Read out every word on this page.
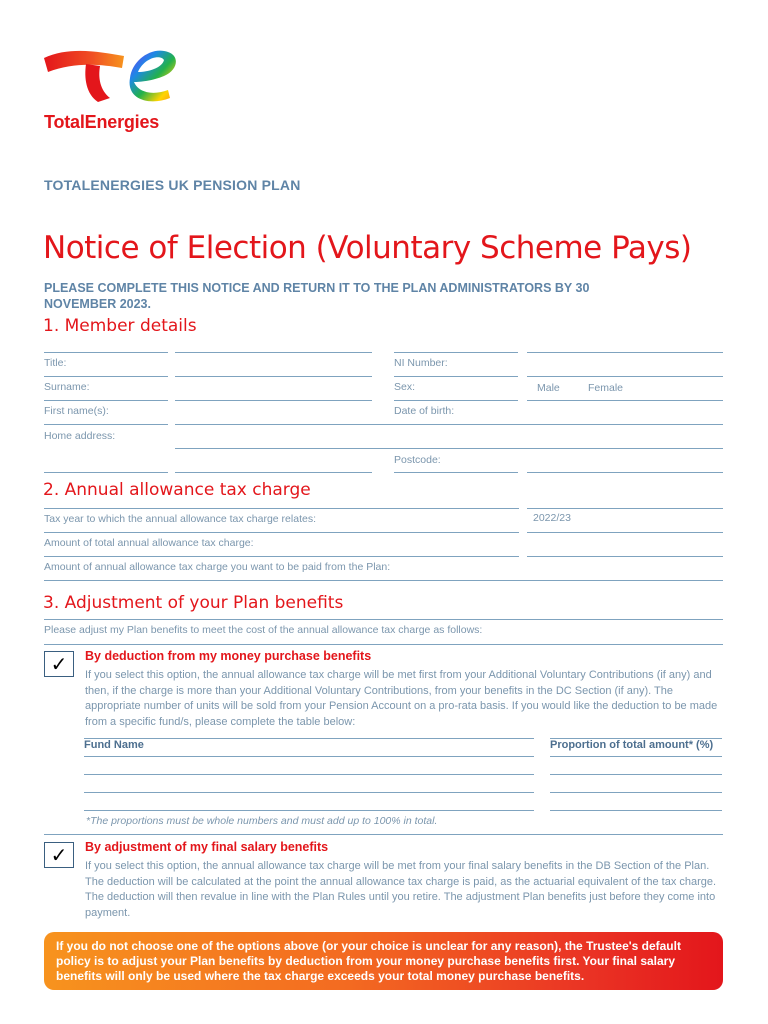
TotalEnergies
TOTALENERGIES UK PENSION PLAN
Notice of Election (Voluntary Scheme Pays)
PLEASE COMPLETE THIS NOTICE AND RETURN IT TO THE PLAN ADMINISTRATORS BY 30 NOVEMBER 2023.
1. Member details
Title:	NI Number:
Surname:	Sex:	Male	Female
First name(s):	Date of birth:
Home address:
Postcode:
2. Annual allowance tax charge
Tax year to which the annual allowance tax charge relates:	2022/23
Amount of total annual allowance tax charge:
Amount of annual allowance tax charge you want to be paid from the Plan:
3. Adjustment of your Plan benefits
Please adjust my Plan benefits to meet the cost of the annual allowance tax charge as follows:
✓	By deduction from my money purchase benefits
If you select this option, the annual allowance tax charge will be met first from your Additional Voluntary Contributions (if any) and then, if the charge is more than your Additional Voluntary Contributions, from your benefits in the DC Section (if any). The appropriate number of units will be sold from your Pension Account on a pro-rata basis. If you would like the deduction to be made from a specific fund/s, please complete the table below:
Fund Name	Proportion of total amount* (%)
*The proportions must be whole numbers and must add up to 100% in total.
✓	By adjustment of my final salary benefits
If you select this option, the annual allowance tax charge will be met from your final salary benefits in the DB Section of the Plan. The deduction will be calculated at the point the annual allowance tax charge is paid, as the actuarial equivalent of the tax charge. The deduction will then revalue in line with the Plan Rules until you retire. The adjustment Plan benefits just before they come into payment.
If you do not choose one of the options above (or your choice is unclear for any reason), the Trustee's default policy is to adjust your Plan benefits by deduction from your money purchase benefits first. Your final salary benefits will only be used where the tax charge exceeds your total money purchase benefits.
